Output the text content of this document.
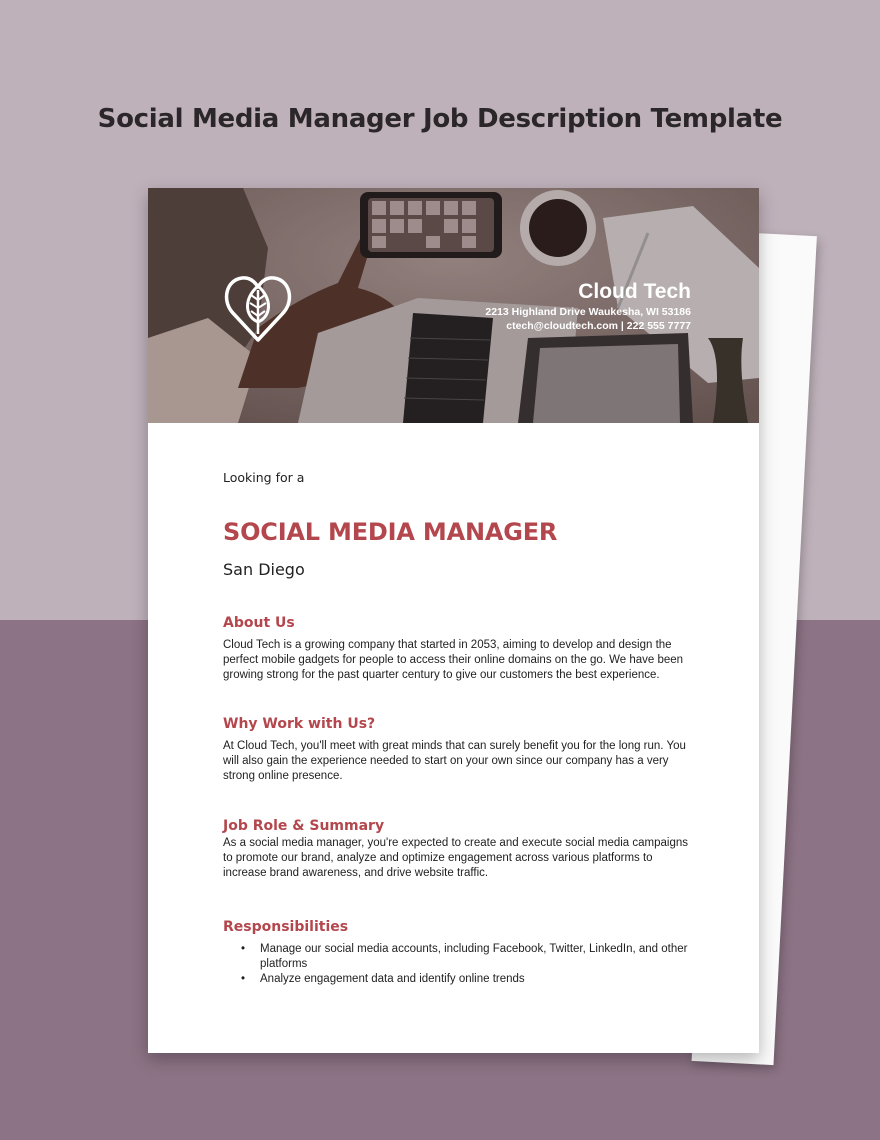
Social Media Manager Job Description Template
Cloud Tech
2213 Highland Drive Waukesha, WI 53186
ctech@cloudtech.com | 222 555 7777

Looking for a

SOCIAL MEDIA MANAGER

San Diego

About Us

Cloud Tech is a growing company that started in 2053, aiming to develop and design the perfect mobile gadgets for people to access their online domains on the go. We have been growing strong for the past quarter century to give our customers the best experience.

Why Work with Us?

At Cloud Tech, you'll meet with great minds that can surely benefit you for the long run. You will also gain the experience needed to start on your own since our company has a very strong online presence.

Job Role & Summary

As a social media manager, you're expected to create and execute social media campaigns to promote our brand, analyze and optimize engagement across various platforms to increase brand awareness, and drive website traffic.

Responsibilities
• Manage our social media accounts, including Facebook, Twitter, LinkedIn, and other platforms
• Analyze engagement data and identify online trends
